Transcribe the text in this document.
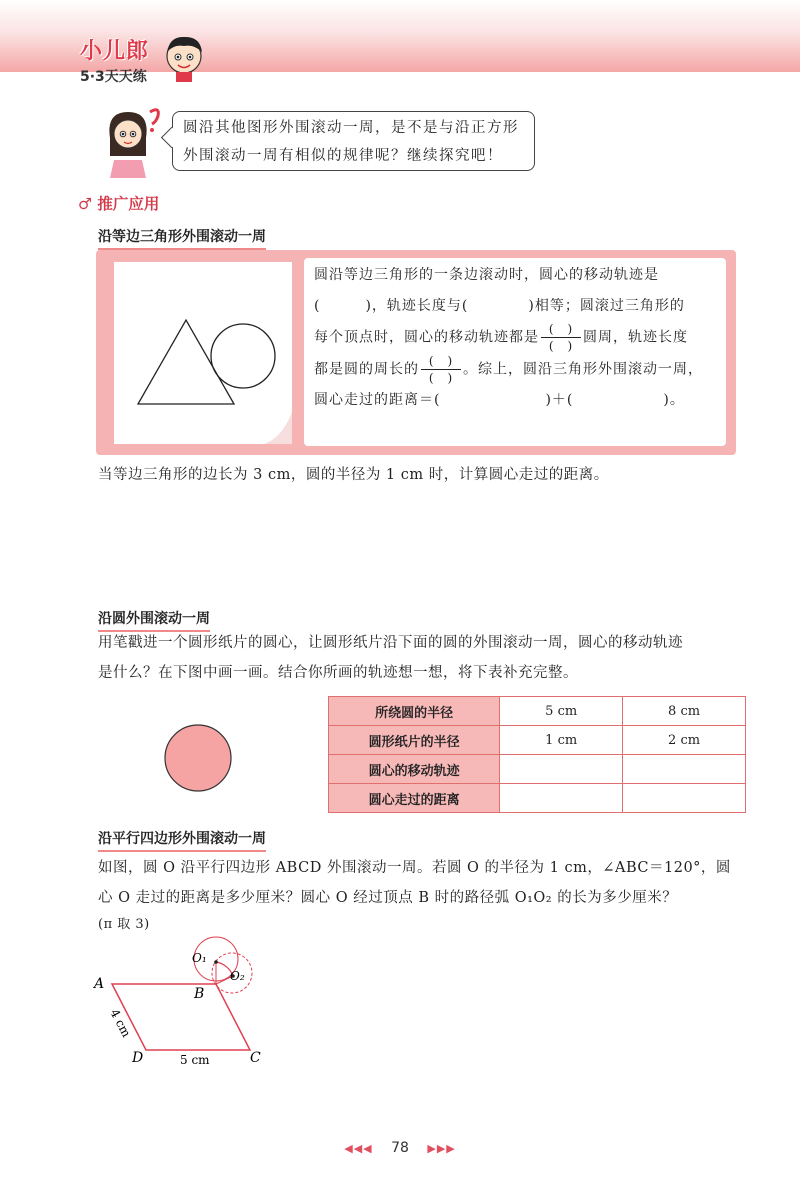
小儿郎
5·3天天练
圆沿其他图形外围滚动一周，是不是与沿正方形
外围滚动一周有相似的规律呢？继续探究吧！
♂ 推广应用
沿等边三角形外围滚动一周
圆沿等边三角形的一条边滚动时，圆心的移动轨迹是
(　　　)，轨迹长度与(　　　　)相等；圆滚过三角形的
每个顶点时，圆心的移动轨迹都是 $\frac{( )}{( )}$ 圆周，轨迹长度
都是圆的周长的 $\frac{( )}{( )}$ 。综上，圆沿三角形外围滚动一周，
圆心走过的距离＝(　　　　　　　)＋(　　　　　　)。
当等边三角形的边长为 3 cm，圆的半径为 1 cm 时，计算圆心走过的距离。
沿圆外围滚动一周
用笔戳进一个圆形纸片的圆心，让圆形纸片沿下面的圆的外围滚动一周，圆心的移动轨迹
是什么？在下图中画一画。结合你所画的轨迹想一想，将下表补充完整。
所绕圆的半径	5 cm	8 cm
圆形纸片的半径	1 cm	2 cm
圆心的移动轨迹		
圆心走过的距离		
沿平行四边形外围滚动一周
如图，圆 O 沿平行四边形 ABCD 外围滚动一周。若圆 O 的半径为 1 cm，∠ABC＝120°，圆
心 O 走过的距离是多少厘米？圆心 O 经过顶点 B 时的路径弧 O₁O₂ 的长为多少厘米？
(π 取 3)
A
B
C
D
O₁
O₂
4 cm
5 cm
◀◀◀ 78 ▶▶▶
